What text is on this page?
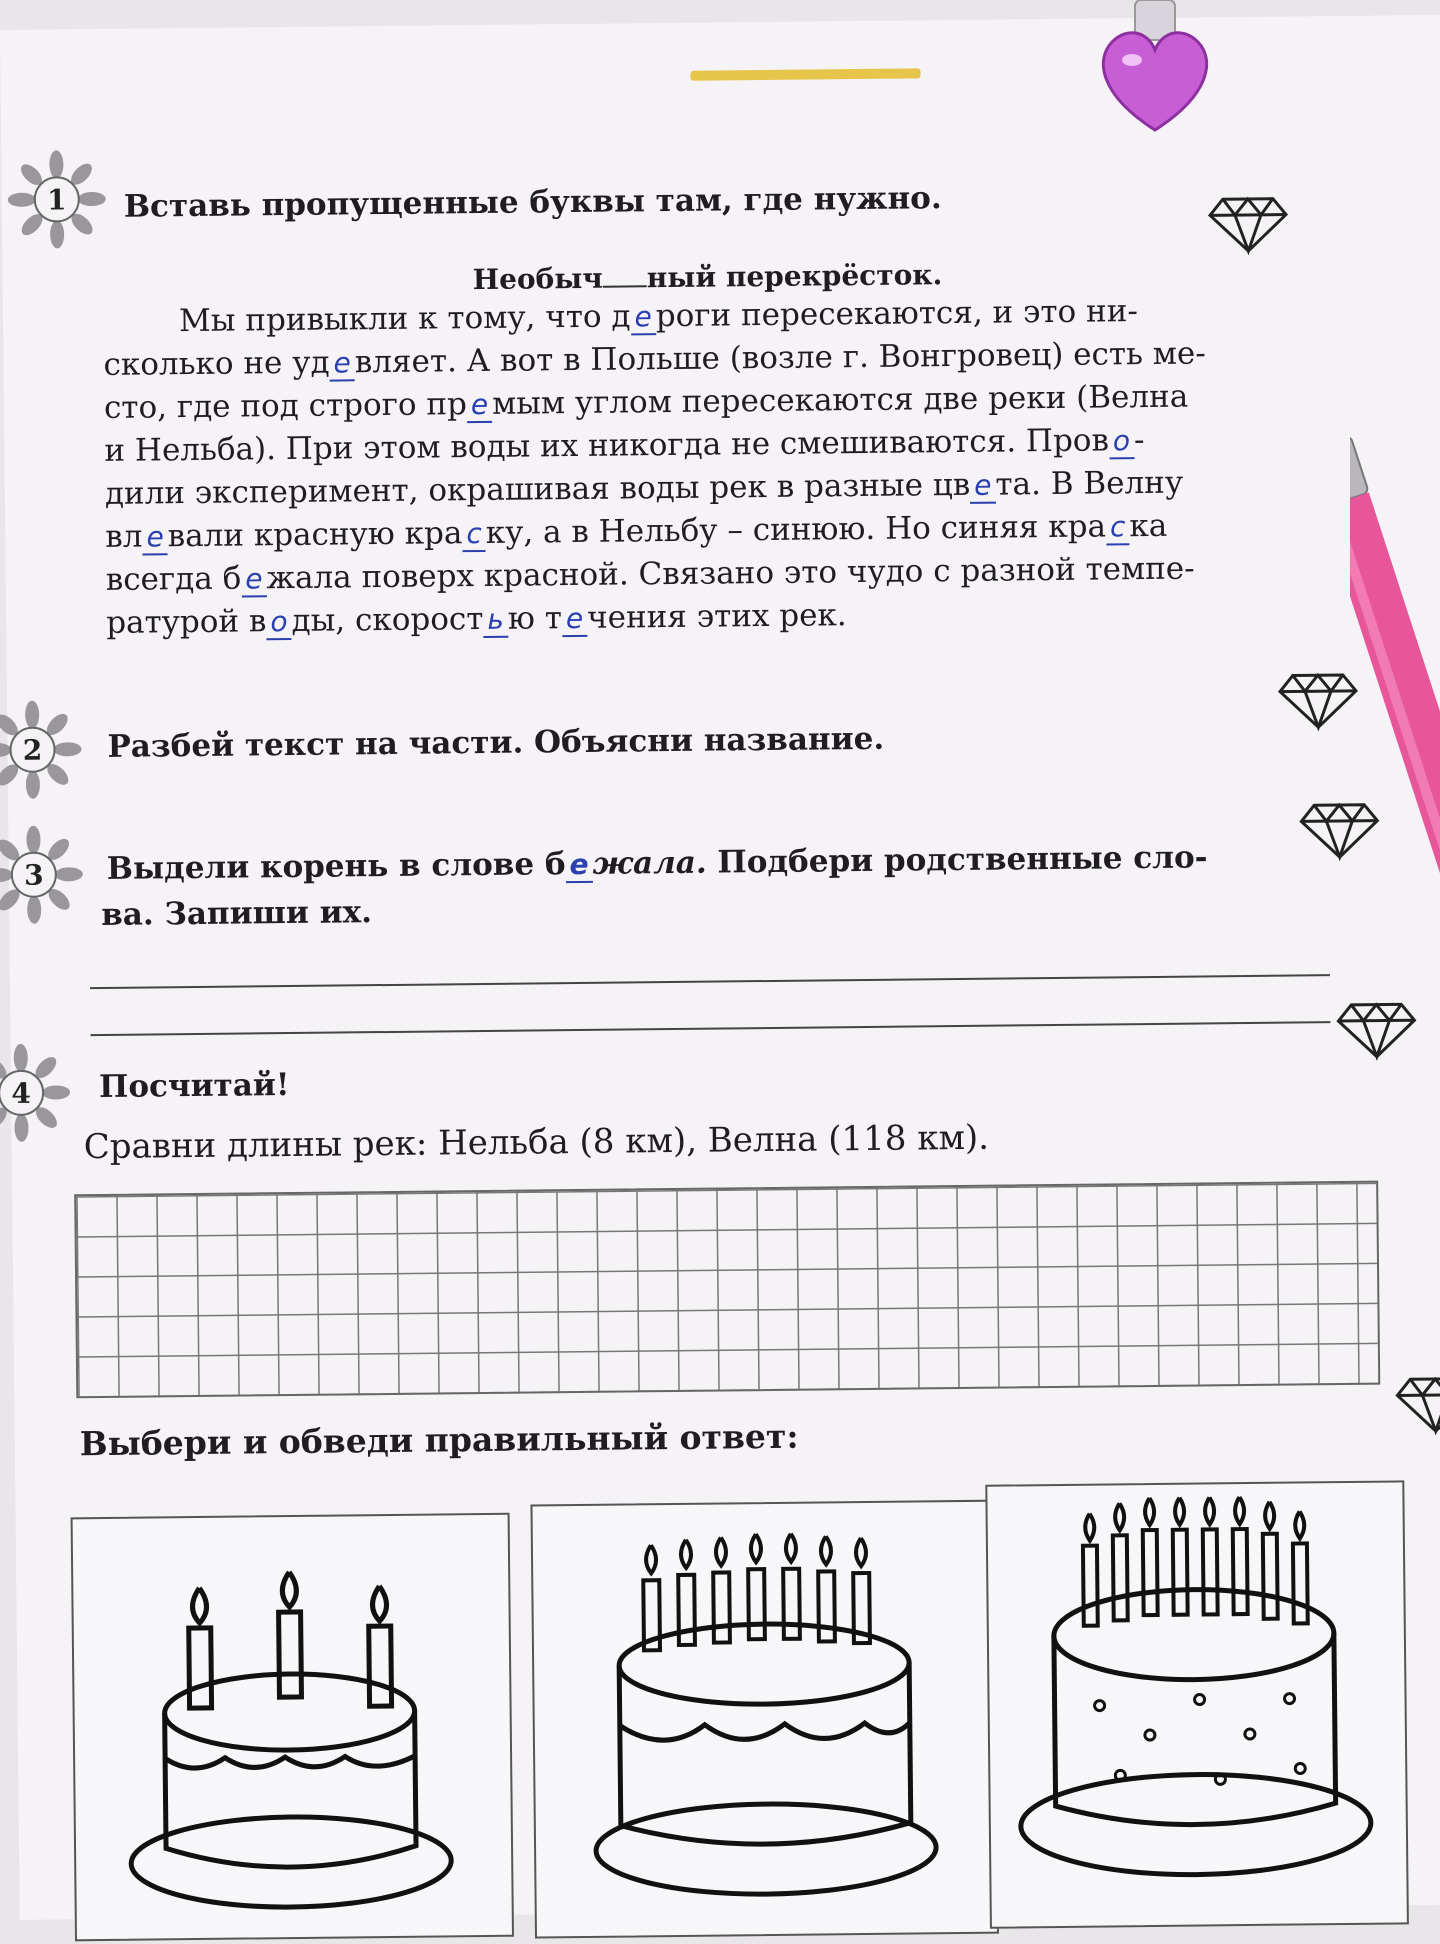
1	Вставь пропущенные буквы там, где нужно.
Необыч ный перекрёсток.
Мы привыкли к тому, что д е роги пересекаются, и это ни-
сколько не уд е вляет. А вот в Польше (возле г. Вонгровец) есть ме-
сто, где под строго пр е мым углом пересекаются две реки (Велна
и Нельба). При этом воды их никогда не смешиваются. Пров о -
дили эксперимент, окрашивая воды рек в разные цв е та. В Велну
вл е вали красную кра с ку, а в Нельбу – синюю. Но синяя кра с ка
всегда б е жала поверх красной. Связано это чудо с разной темпе-
ратурой в о ды, скорост ь ю т е чения этих рек.
2	Разбей текст на части. Объясни название.
3	Выдели корень в слове б е жала. Подбери родственные сло-
ва. Запиши их.
4	Посчитай!
Сравни длины рек: Нельба (8 км), Велна (118 км).
Выбери и обведи правильный ответ:
